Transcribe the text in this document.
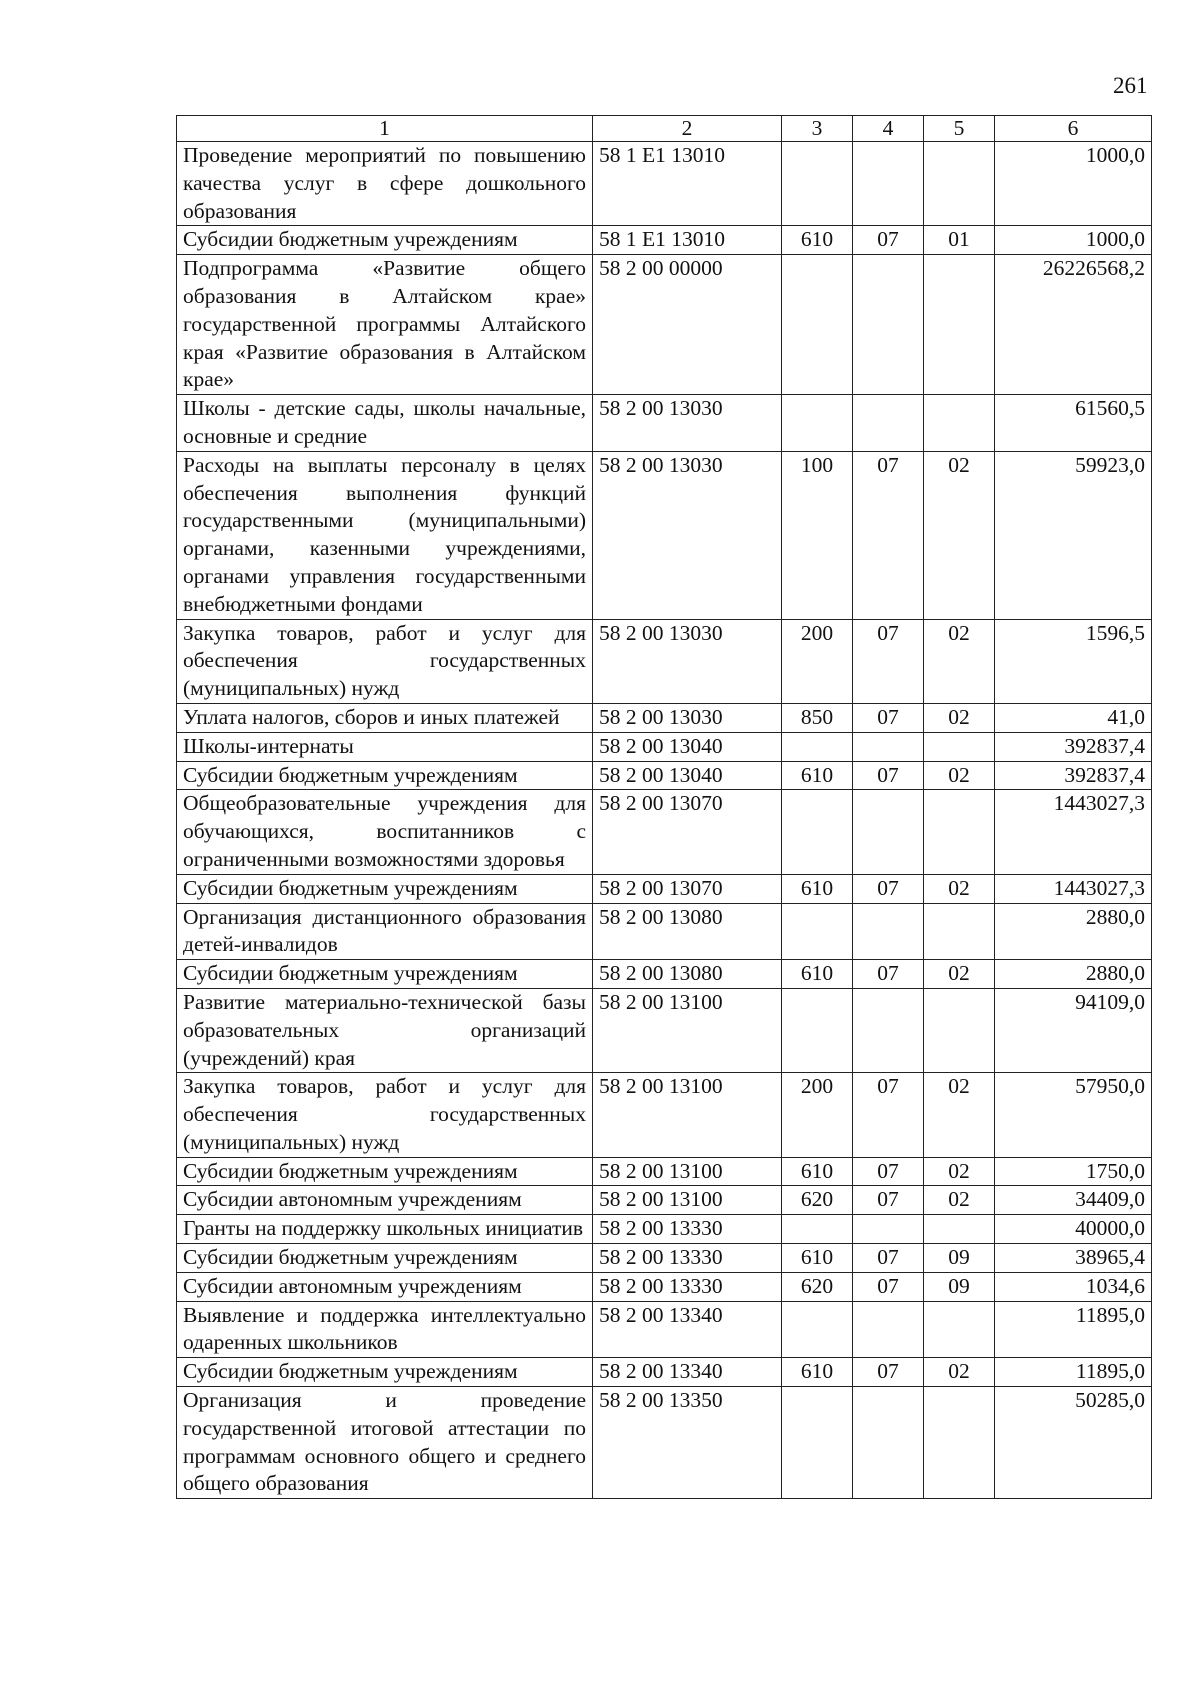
261
1	2	3	4	5	6
Проведение мероприятий по повышению качества услуг в сфере дошкольного образования	58 1 E1 13010				1000,0
Субсидии бюджетным учреждениям	58 1 E1 13010	610	07	01	1000,0
Подпрограмма «Развитие общего образования в Алтайском крае» государственной программы Алтайского края «Развитие образования в Алтайском крае»	58 2 00 00000				26226568,2
Школы - детские сады, школы начальные, основные и средние	58 2 00 13030				61560,5
Расходы на выплаты персоналу в целях обеспечения выполнения функций государственными (муниципальными) органами, казенными учреждениями, органами управления государственными внебюджетными фондами	58 2 00 13030	100	07	02	59923,0
Закупка товаров, работ и услуг для обеспечения государственных (муниципальных) нужд	58 2 00 13030	200	07	02	1596,5
Уплата налогов, сборов и иных платежей	58 2 00 13030	850	07	02	41,0
Школы-интернаты	58 2 00 13040				392837,4
Субсидии бюджетным учреждениям	58 2 00 13040	610	07	02	392837,4
Общеобразовательные учреждения для обучающихся, воспитанников с ограниченными возможностями здоровья	58 2 00 13070				1443027,3
Субсидии бюджетным учреждениям	58 2 00 13070	610	07	02	1443027,3
Организация дистанционного образования детей-инвалидов	58 2 00 13080				2880,0
Субсидии бюджетным учреждениям	58 2 00 13080	610	07	02	2880,0
Развитие материально-технической базы образовательных организаций (учреждений) края	58 2 00 13100				94109,0
Закупка товаров, работ и услуг для обеспечения государственных (муниципальных) нужд	58 2 00 13100	200	07	02	57950,0
Субсидии бюджетным учреждениям	58 2 00 13100	610	07	02	1750,0
Субсидии автономным учреждениям	58 2 00 13100	620	07	02	34409,0
Гранты на поддержку школьных инициатив	58 2 00 13330				40000,0
Субсидии бюджетным учреждениям	58 2 00 13330	610	07	09	38965,4
Субсидии автономным учреждениям	58 2 00 13330	620	07	09	1034,6
Выявление и поддержка интеллектуально одаренных школьников	58 2 00 13340				11895,0
Субсидии бюджетным учреждениям	58 2 00 13340	610	07	02	11895,0
Организация и проведение государственной итоговой аттестации по программам основного общего и среднего общего образования	58 2 00 13350				50285,0
